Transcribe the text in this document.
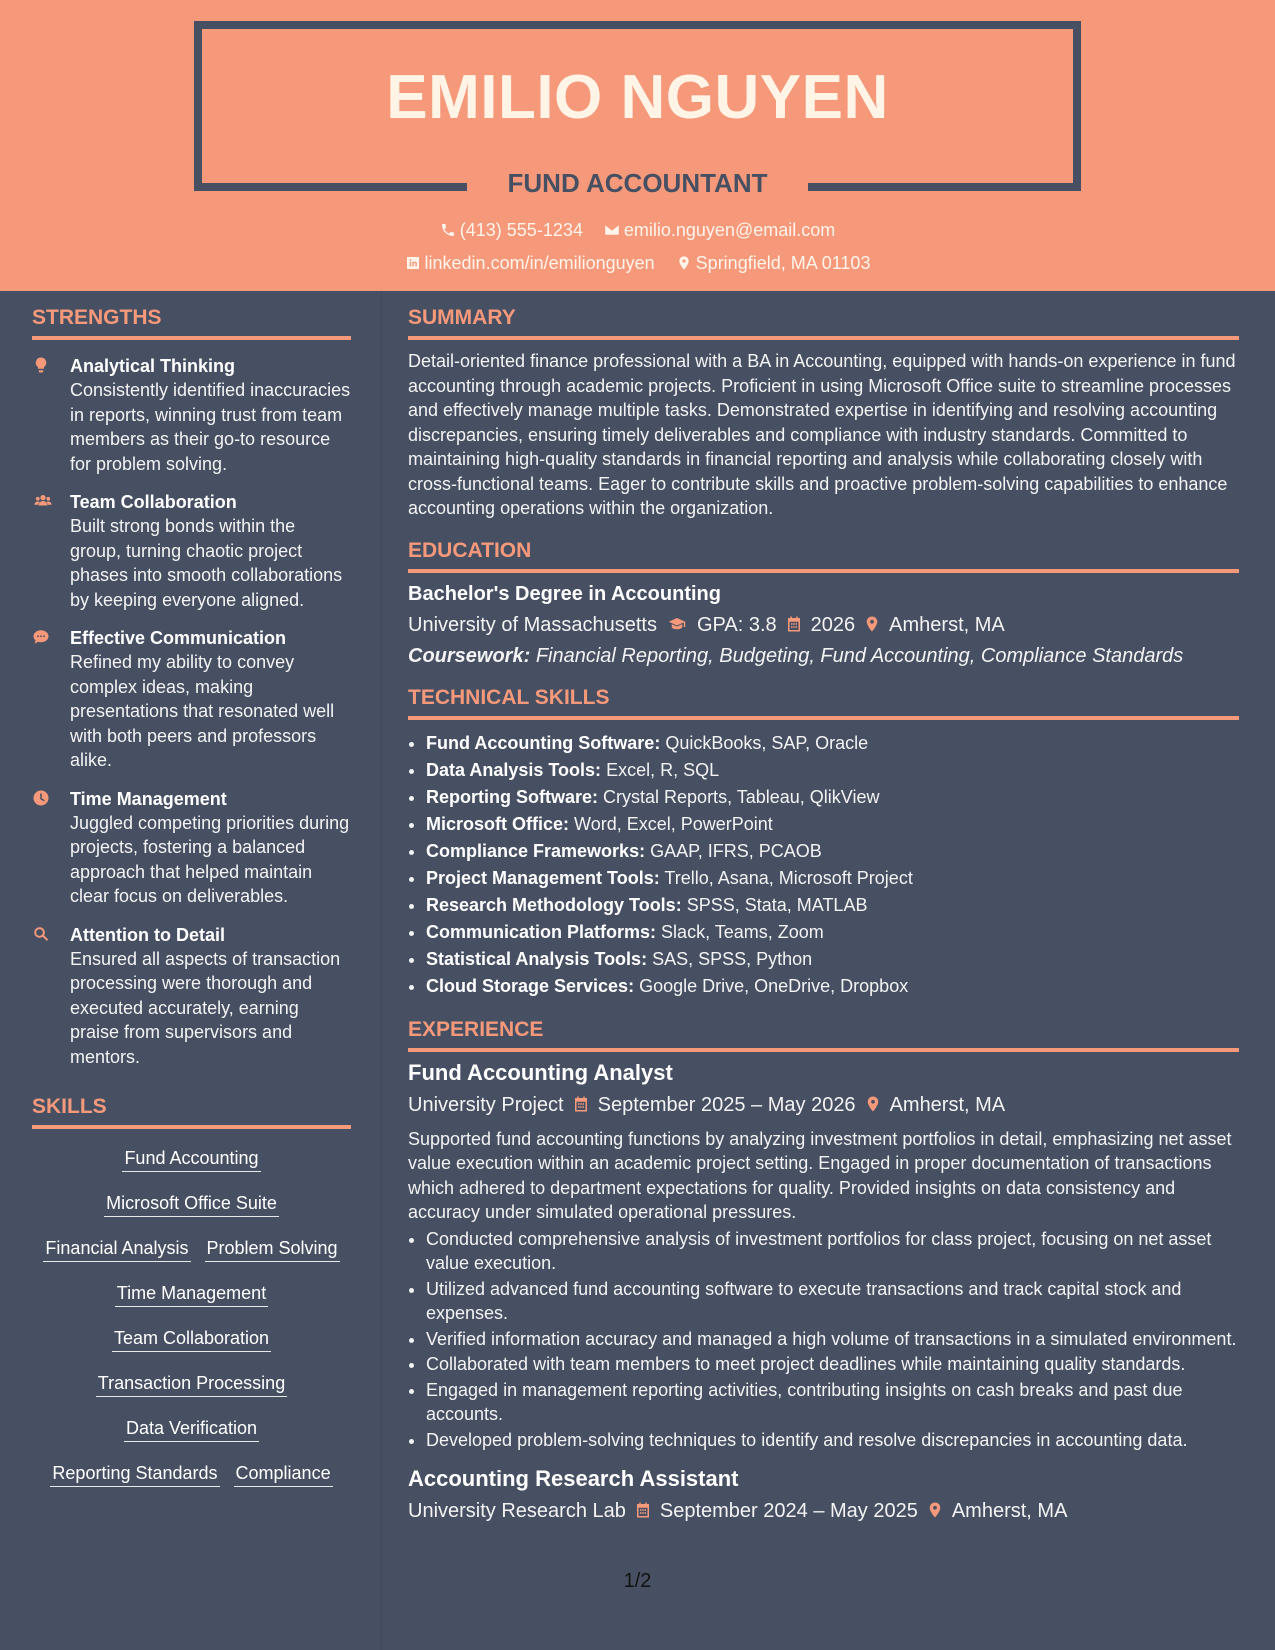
EMILIO NGUYEN
FUND ACCOUNTANT
(413) 555-1234 emilio.nguyen@email.com
linkedin.com/in/emilionguyen Springfield, MA 01103
STRENGTHS
Analytical Thinking
Consistently identified inaccuracies in reports, winning trust from team members as their go-to resource for problem solving.
Team Collaboration
Built strong bonds within the group, turning chaotic project phases into smooth collaborations by keeping everyone aligned.
Effective Communication
Refined my ability to convey complex ideas, making presentations that resonated well with both peers and professors alike.
Time Management
Juggled competing priorities during projects, fostering a balanced approach that helped maintain clear focus on deliverables.
Attention to Detail
Ensured all aspects of transaction processing were thorough and executed accurately, earning praise from supervisors and mentors.
SKILLS
Fund Accounting
Microsoft Office Suite
Financial Analysis Problem Solving
Time Management
Team Collaboration
Transaction Processing
Data Verification
Reporting Standards Compliance
SUMMARY
Detail-oriented finance professional with a BA in Accounting, equipped with hands-on experience in fund accounting through academic projects. Proficient in using Microsoft Office suite to streamline processes and effectively manage multiple tasks. Demonstrated expertise in identifying and resolving accounting discrepancies, ensuring timely deliverables and compliance with industry standards. Committed to maintaining high-quality standards in financial reporting and analysis while collaborating closely with cross-functional teams. Eager to contribute skills and proactive problem-solving capabilities to enhance accounting operations within the organization.
EDUCATION
Bachelor's Degree in Accounting
University of Massachusetts GPA: 3.8 2026 Amherst, MA
Coursework: Financial Reporting, Budgeting, Fund Accounting, Compliance Standards
TECHNICAL SKILLS
• Fund Accounting Software: QuickBooks, SAP, Oracle
• Data Analysis Tools: Excel, R, SQL
• Reporting Software: Crystal Reports, Tableau, QlikView
• Microsoft Office: Word, Excel, PowerPoint
• Compliance Frameworks: GAAP, IFRS, PCAOB
• Project Management Tools: Trello, Asana, Microsoft Project
• Research Methodology Tools: SPSS, Stata, MATLAB
• Communication Platforms: Slack, Teams, Zoom
• Statistical Analysis Tools: SAS, SPSS, Python
• Cloud Storage Services: Google Drive, OneDrive, Dropbox
EXPERIENCE
Fund Accounting Analyst
University Project September 2025 – May 2026 Amherst, MA
Supported fund accounting functions by analyzing investment portfolios in detail, emphasizing net asset value execution within an academic project setting. Engaged in proper documentation of transactions which adhered to department expectations for quality. Provided insights on data consistency and accuracy under simulated operational pressures.
• Conducted comprehensive analysis of investment portfolios for class project, focusing on net asset value execution.
• Utilized advanced fund accounting software to execute transactions and track capital stock and expenses.
• Verified information accuracy and managed a high volume of transactions in a simulated environment.
• Collaborated with team members to meet project deadlines while maintaining quality standards.
• Engaged in management reporting activities, contributing insights on cash breaks and past due accounts.
• Developed problem-solving techniques to identify and resolve discrepancies in accounting data.
Accounting Research Assistant
University Research Lab September 2024 – May 2025 Amherst, MA
1/2
